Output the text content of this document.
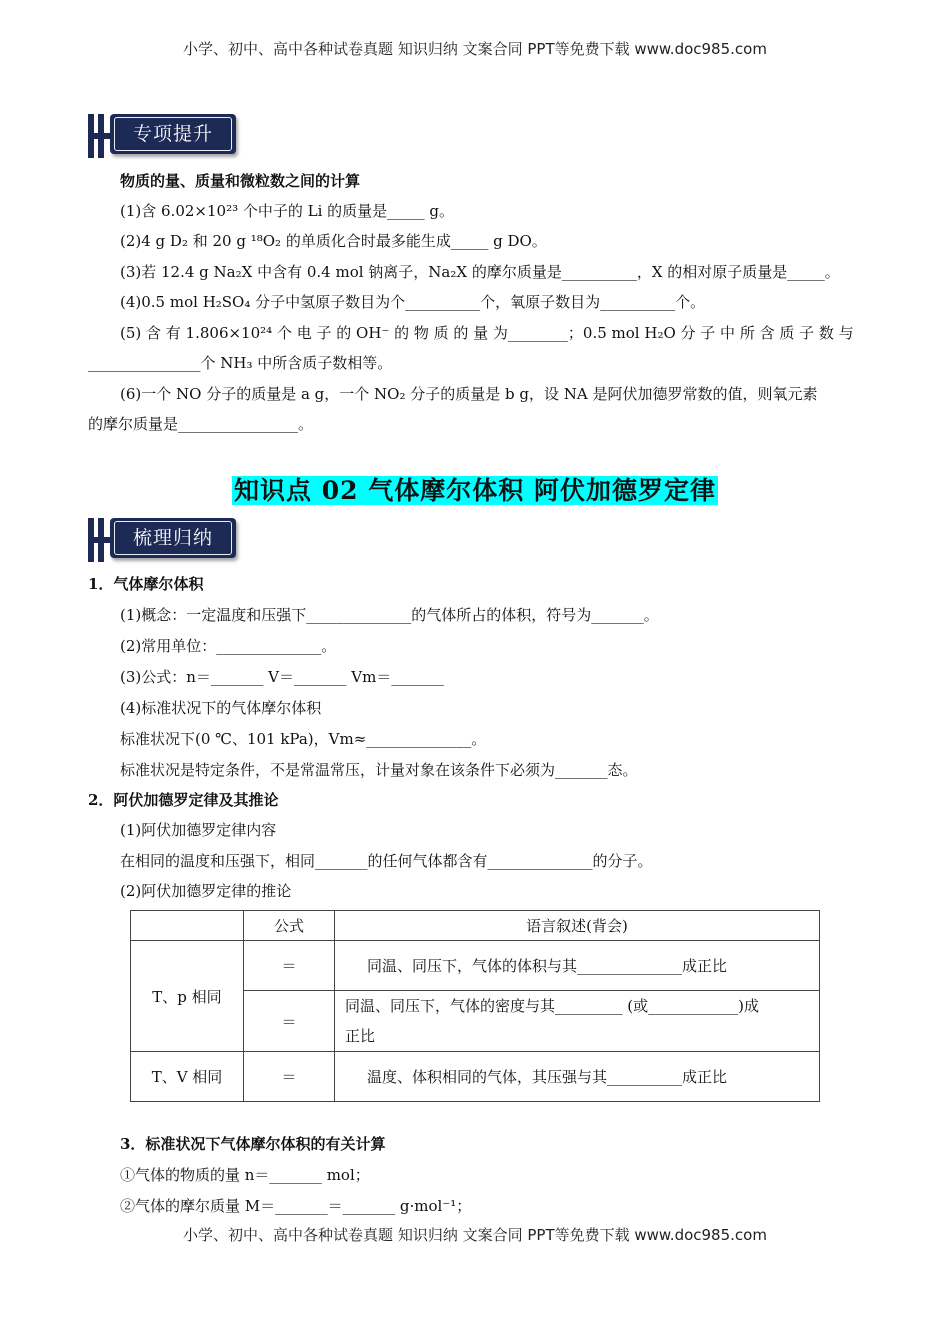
小学、初中、高中各种试卷真题 知识归纳 文案合同 PPT等免费下载 www.doc985.com
专项提升
物质的量、质量和微粒数之间的计算
(1)含 6.02×10²³ 个中子的 Li 的质量是_____ g。
(2)4 g D₂ 和 20 g ¹⁸O₂ 的单质化合时最多能生成_____ g DO。
(3)若 12.4 g Na₂X 中含有 0.4 mol 钠离子，Na₂X 的摩尔质量是__________，X 的相对原子质量是_____。
(4)0.5 mol H₂SO₄ 分子中氢原子数目为个__________个，氧原子数目为__________个。
(5) 含 有 1.806×10²⁴ 个 电 子 的 OH⁻ 的 物 质 的 量 为________；0.5 mol H₂O 分 子 中 所 含 质 子 数 与
_______________个 NH₃ 中所含质子数相等。
(6)一个 NO 分子的质量是 a g，一个 NO₂ 分子的质量是 b g，设 NA 是阿伏加德罗常数的值，则氧元素
的摩尔质量是________________。
知识点 02 气体摩尔体积 阿伏加德罗定律
梳理归纳
1．气体摩尔体积
(1)概念：一定温度和压强下______________的气体所占的体积，符号为_______。
(2)常用单位：______________。
(3)公式：n＝_______ V＝_______ Vm＝_______
(4)标准状况下的气体摩尔体积
标准状况下(0 ℃、101 kPa)，Vm≈______________。
标准状况是特定条件，不是常温常压，计量对象在该条件下必须为_______态。
2．阿伏加德罗定律及其推论
(1)阿伏加德罗定律内容
在相同的温度和压强下，相同_______的任何气体都含有______________的分子。
(2)阿伏加德罗定律的推论
	公式	语言叙述(背会)
T、p 相同	＝	同温、同压下，气体的体积与其______________成正比
	＝	同温、同压下，气体的密度与其_________ (或____________)成
正比

T、V 相同	＝	温度、体积相同的气体，其压强与其__________成正比
3．标准状况下气体摩尔体积的有关计算
①气体的物质的量 n＝_______ mol；
②气体的摩尔质量 M＝_______＝_______ g·mol⁻¹；
小学、初中、高中各种试卷真题 知识归纳 文案合同 PPT等免费下载 www.doc985.com
